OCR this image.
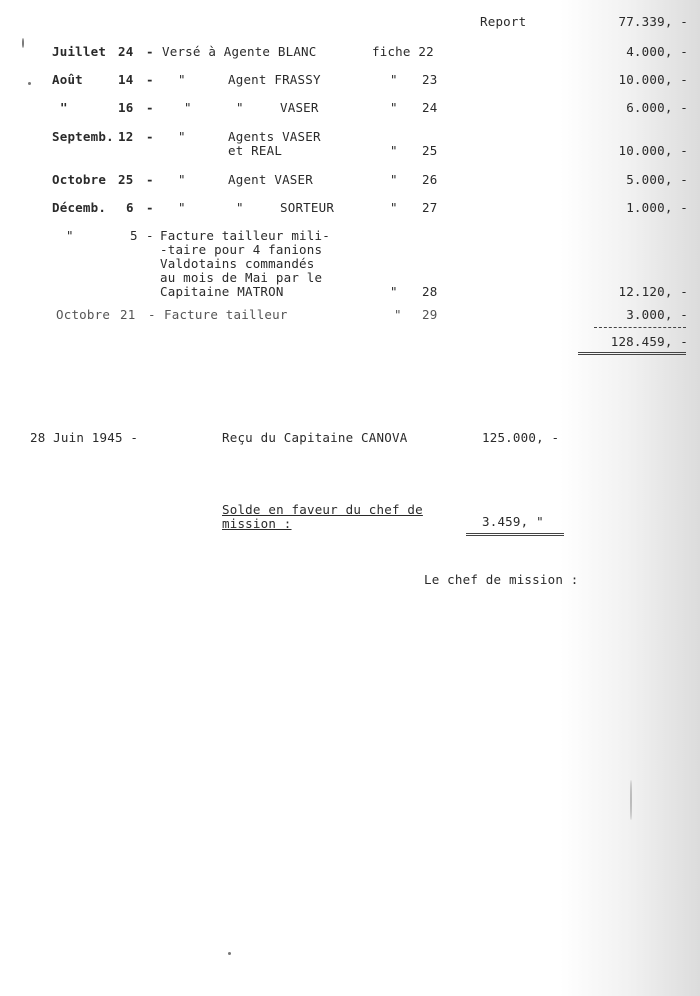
Report	77.339, -
Juillet 24 - Versé à Agente BLANC	fiche 22	4.000, -
Août	14 - "	Agent FRASSY	" 23	10.000, -
"	16 - "	"	VASER	" 24	6.000, -
Septemb. 12 - "	Agents VASER
et REAL	" 25	10.000, -
Octobre 25 - "	Agent VASER	" 26	5.000, -
Décemb. 6 - "	"	SORTEUR	" 27	1.000, -
"	5 - Facture tailleur mili-
-taire pour 4 fanions
Valdotains commandés
au mois de Mai par le
Capitaine MATRON	" 28	12.120, -
Octobre 21 - Facture tailleur	" 29	3.000, -
128.459, -
28 Juin 1945 -	Reçu du Capitaine CANOVA	125.000, -
Solde en faveur du chef de
mission :	3.459, "
Le chef de mission :
